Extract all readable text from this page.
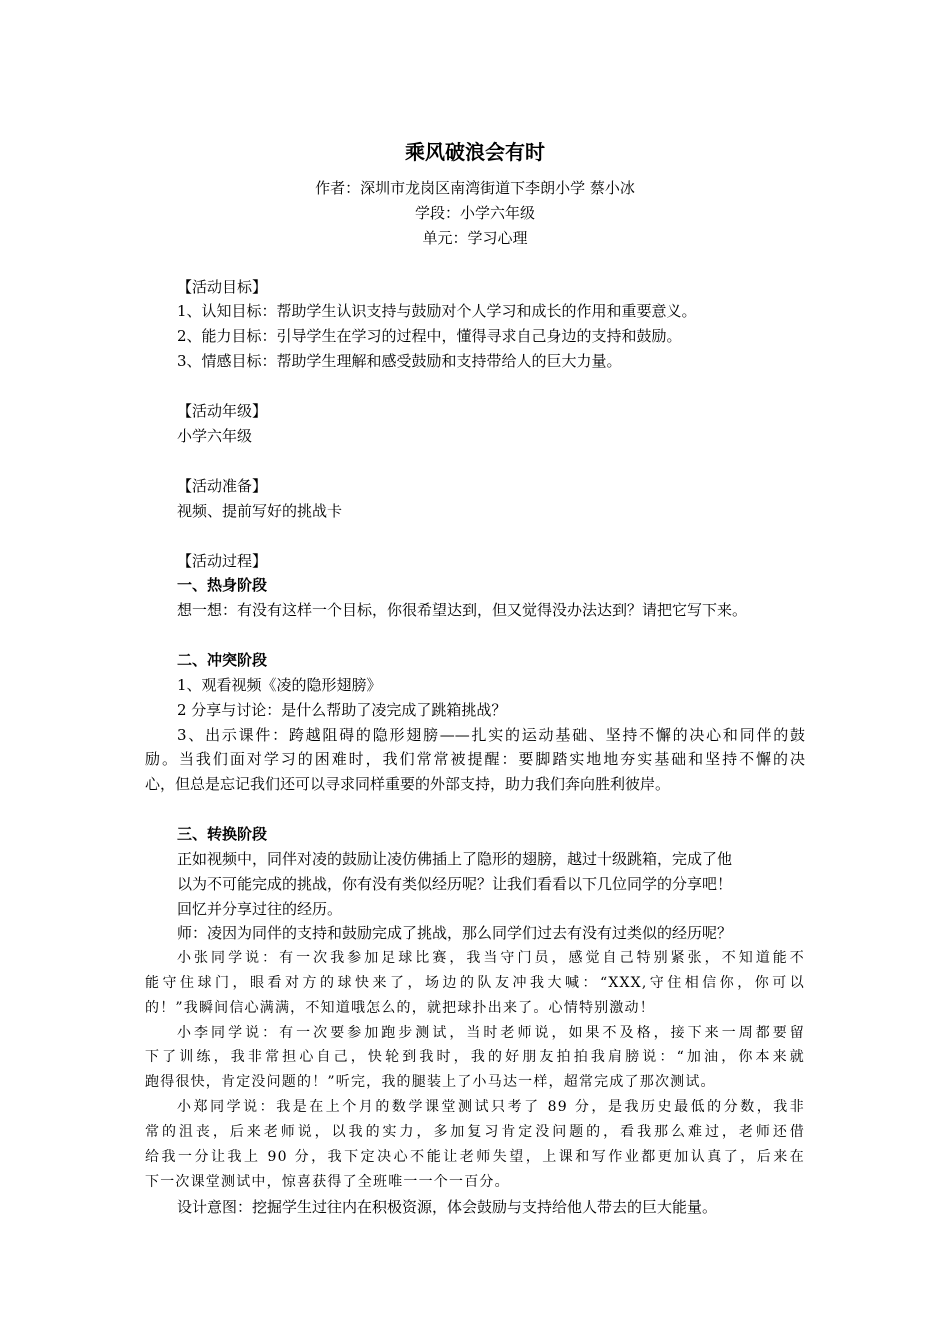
乘风破浪会有时
作者：深圳市龙岗区南湾街道下李朗小学 蔡小冰
学段：小学六年级
单元：学习心理
【活动目标】
1、认知目标：帮助学生认识支持与鼓励对个人学习和成长的作用和重要意义。
2、能力目标：引导学生在学习的过程中，懂得寻求自己身边的支持和鼓励。
3、情感目标：帮助学生理解和感受鼓励和支持带给人的巨大力量。
【活动年级】
小学六年级
【活动准备】
视频、提前写好的挑战卡
【活动过程】
一、热身阶段
想一想：有没有这样一个目标，你很希望达到，但又觉得没办法达到？请把它写下来。
二、冲突阶段
1、观看视频《凌的隐形翅膀》
2 分享与讨论：是什么帮助了凌完成了跳箱挑战？
3、出示课件：跨越阻碍的隐形翅膀——扎实的运动基础、坚持不懈的决心和同伴的鼓
励。当我们面对学习的困难时，我们常常被提醒：要脚踏实地地夯实基础和坚持不懈的决
心，但总是忘记我们还可以寻求同样重要的外部支持，助力我们奔向胜利彼岸。
三、转换阶段
正如视频中，同伴对凌的鼓励让凌仿佛插上了隐形的翅膀，越过十级跳箱，完成了他
以为不可能完成的挑战，你有没有类似经历呢？让我们看看以下几位同学的分享吧！
回忆并分享过往的经历。
师：凌因为同伴的支持和鼓励完成了挑战，那么同学们过去有没有过类似的经历呢？
小张同学说：有一次我参加足球比赛，我当守门员，感觉自己特别紧张，不知道能不
能守住球门，眼看对方的球快来了，场边的队友冲我大喊：“XXX,守住相信你，你可以
的！”我瞬间信心满满，不知道哦怎么的，就把球扑出来了。心情特别激动！
小李同学说：有一次要参加跑步测试，当时老师说，如果不及格，接下来一周都要留
下了训练，我非常担心自己，快轮到我时，我的好朋友拍拍我肩膀说：“加油，你本来就
跑得很快，肯定没问题的！”听完，我的腿装上了小马达一样，超常完成了那次测试。
小郑同学说：我是在上个月的数学课堂测试只考了 89 分，是我历史最低的分数，我非
常的沮丧，后来老师说，以我的实力，多加复习肯定没问题的，看我那么难过，老师还借
给我一分让我上 90 分，我下定决心不能让老师失望，上课和写作业都更加认真了，后来在
下一次课堂测试中，惊喜获得了全班唯一一个一百分。
设计意图：挖掘学生过往内在积极资源，体会鼓励与支持给他人带去的巨大能量。
